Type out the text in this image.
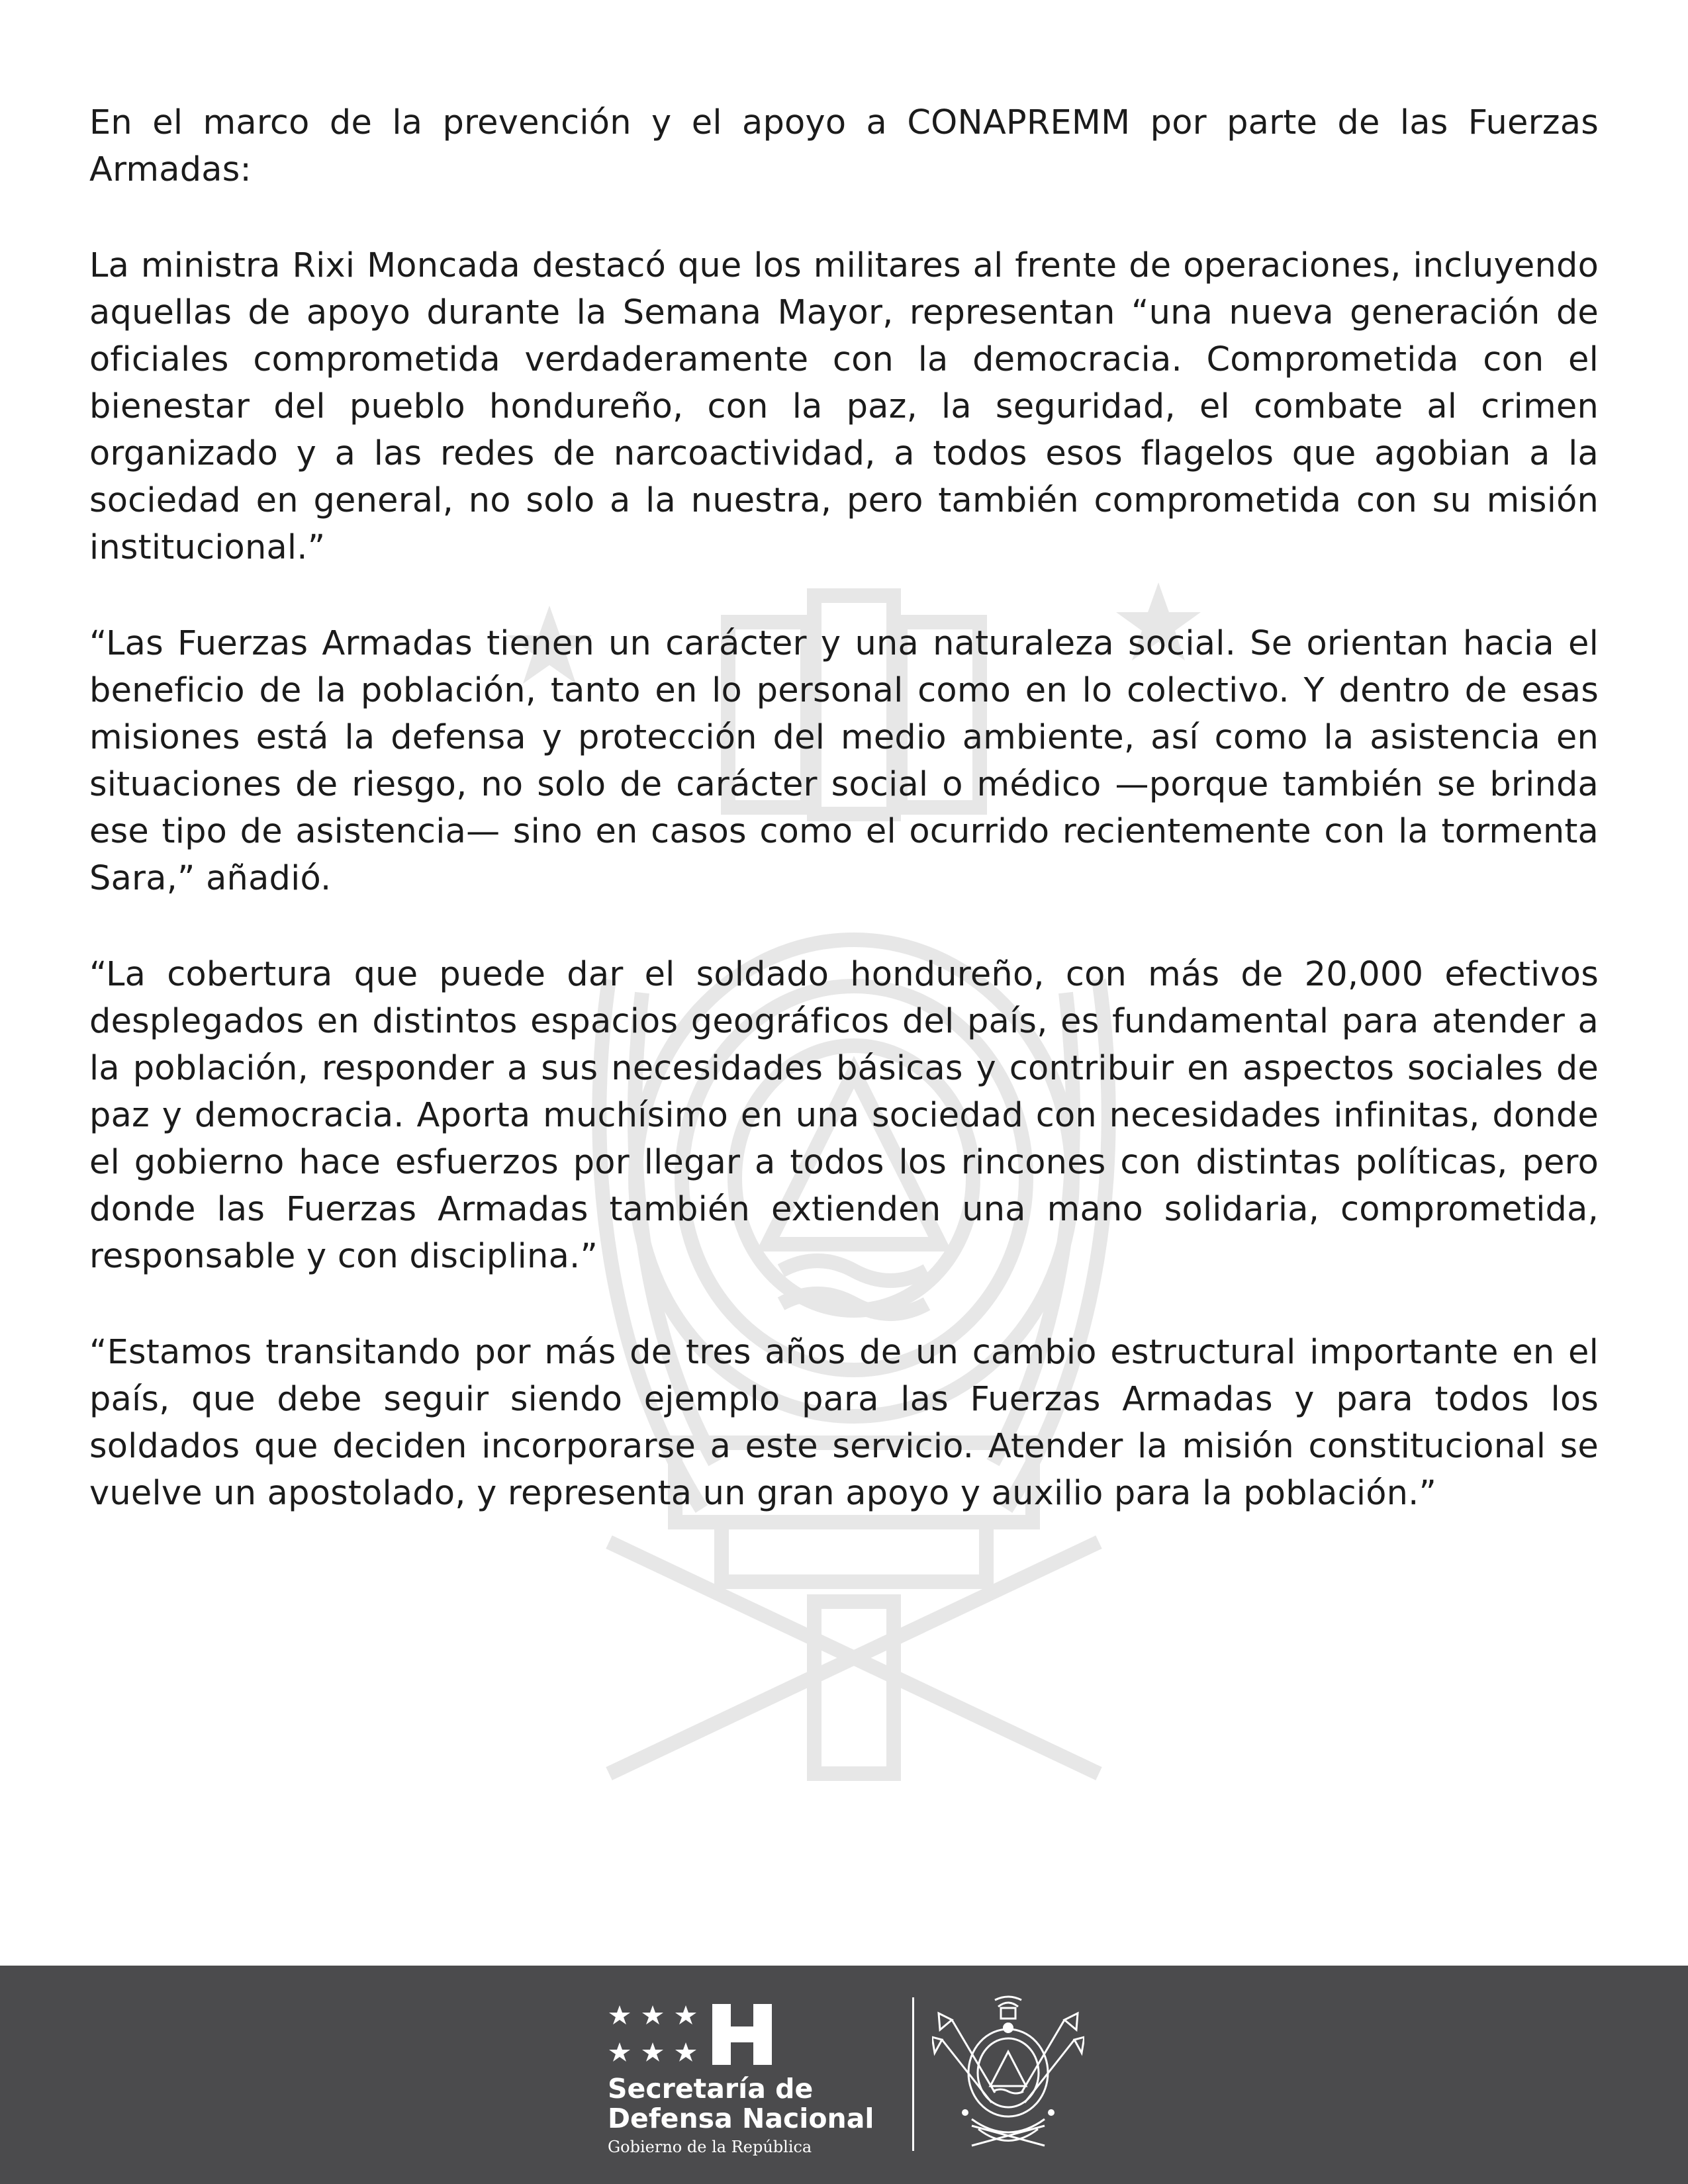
En el marco de la prevención y el apoyo a CONAPREMM por parte de las Fuerzas Armadas:

La ministra Rixi Moncada destacó que los militares al frente de operaciones, incluyendo aquellas de apoyo durante la Semana Mayor, representan “una nueva generación de oficiales comprometida verdaderamente con la democracia. Comprometida con el bienestar del pueblo hondureño, con la paz, la seguridad, el combate al crimen organizado y a las redes de narcoactividad, a todos esos flagelos que agobian a la sociedad en general, no solo a la nuestra, pero también comprometida con su misión institucional.”

“Las Fuerzas Armadas tienen un carácter y una naturaleza social. Se orientan hacia el beneficio de la población, tanto en lo personal como en lo colectivo. Y dentro de esas misiones está la defensa y protección del medio ambiente, así como la asistencia en situaciones de riesgo, no solo de carácter social o médico —porque también se brinda ese tipo de asistencia— sino en casos como el ocurrido recientemente con la tormenta Sara,” añadió.

“La cobertura que puede dar el soldado hondureño, con más de 20,000 efectivos desplegados en distintos espacios geográficos del país, es fundamental para atender a la población, responder a sus necesidades básicas y contribuir en aspectos sociales de paz y democracia. Aporta muchísimo en una sociedad con necesidades infinitas, donde el gobierno hace esfuerzos por llegar a todos los rincones con distintas políticas, pero donde las Fuerzas Armadas también extienden una mano solidaria, comprometida, responsable y con disciplina.”

“Estamos transitando por más de tres años de un cambio estructural importante en el país, que debe seguir siendo ejemplo para las Fuerzas Armadas y para todos los soldados que deciden incorporarse a este servicio. Atender la misión constitucional se vuelve un apostolado, y representa un gran apoyo y auxilio para la población.”

Secretaría de
Defensa Nacional
Gobierno de la República
